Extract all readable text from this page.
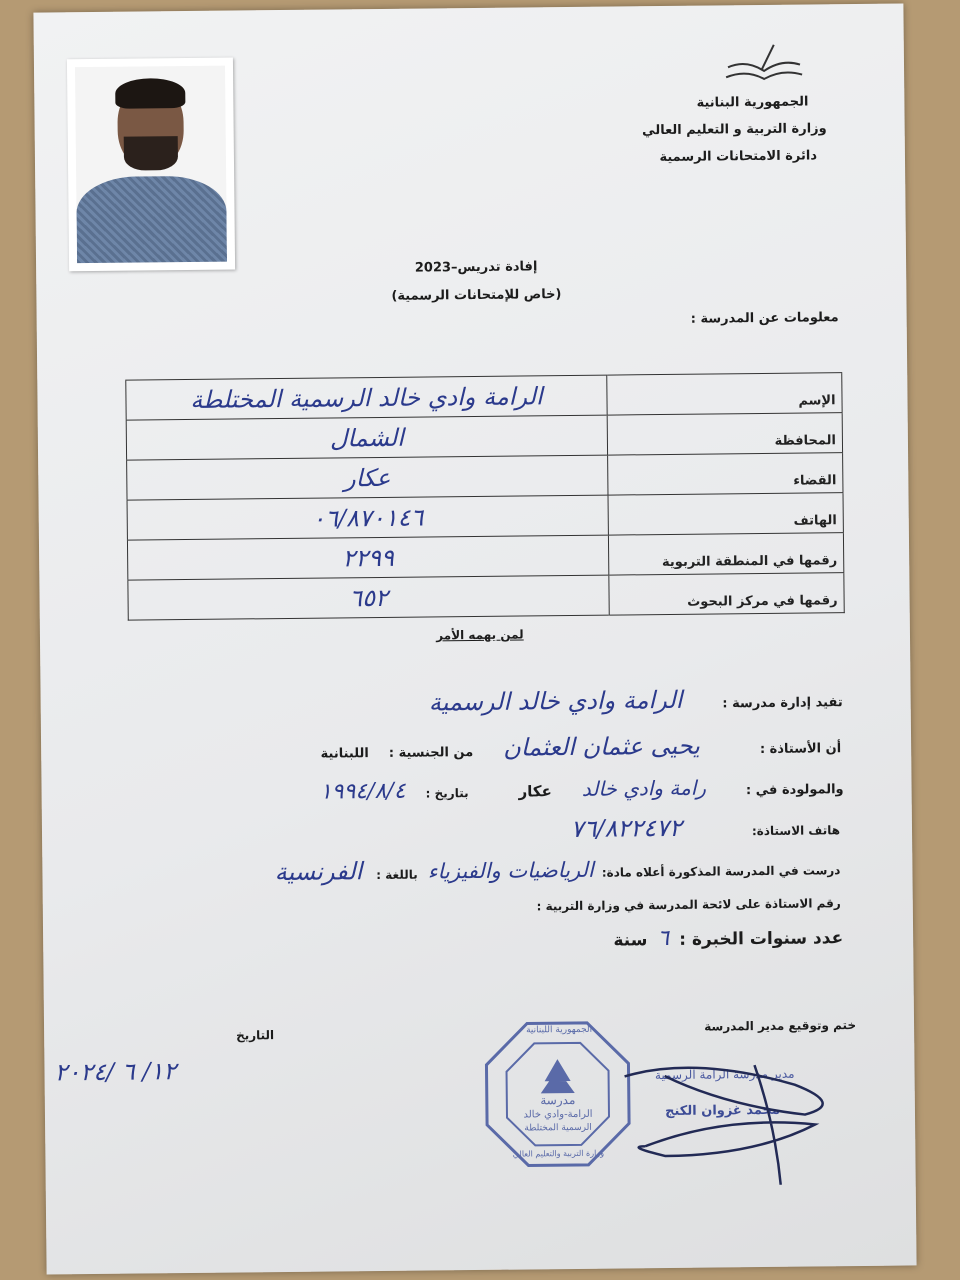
الجمهورية البنانية
وزارة التربية و التعليم العالي
دائرة الامتحانات الرسمية
إفادة تدريس–2023
(خاص للإمتحانات الرسمية)
معلومات عن المدرسة :
الرامة وادي خالد الرسمية المختلطة	الإسم
الشمال	المحافظة
عكار	القضاء
٠٦/٨٧٠١٤٦	الهاتف
٢٢٩٩	رقمها في المنطقة التربوية
٦٥٢	رقمها في مركز البحوث
لمن يهمه الأمر
تفيد إدارة مدرسة :
الرامة وادي خالد الرسمية
أن الأستاذة :
يحيى عثمان العثمان
من الجنسية :
اللبنانية
والمولودة في :
رامة وادي خالد
عكار
بتاريخ :
١٩٩٤/٨/٤
هاتف الاستاذة:
٧٦/٨٢٢٤٧٢
درست في المدرسة المذكورة أعلاه مادة:
الرياضيات والفيزياء
باللغة :
الفرنسية
رقم الاستاذة على لائحة المدرسة في وزارة التربية :
عدد سنوات الخبرة :
٦
سنة
ختم وتوقيع مدير المدرسة
التاريخ
١٢/ ٦ /٢٠٢٤
الجمهورية اللبنانية
مدرسة
الرامة-وادي خالد
الرسمية المختلطة
وزارة التربية والتعليم العالي
مدير مدرسة الرامة الرسمية
محمد غزوان الكنج
